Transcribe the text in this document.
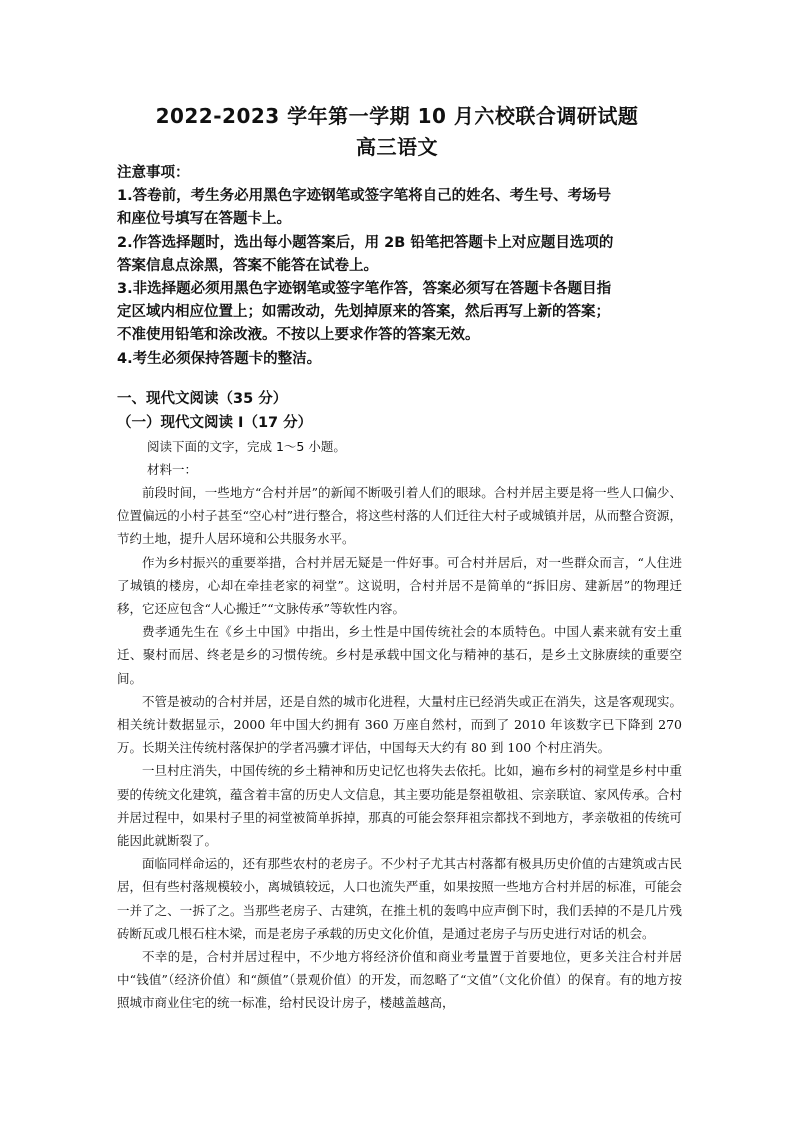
2022-2023 学年第一学期 10 月六校联合调研试题
高三语文
注意事项：
1.答卷前，考生务必用黑色字迹钢笔或签字笔将自己的姓名、考生号、考场号
和座位号填写在答题卡上。
2.作答选择题时，选出每小题答案后，用 2B 铅笔把答题卡上对应题目选项的
答案信息点涂黑，答案不能答在试卷上。
3.非选择题必须用黑色字迹钢笔或签字笔作答，答案必须写在答题卡各题目指
定区域内相应位置上；如需改动，先划掉原来的答案，然后再写上新的答案；
不准使用铅笔和涂改液。不按以上要求作答的答案无效。
4.考生必须保持答题卡的整洁。
一、现代文阅读（35 分）
（一）现代文阅读 I（17 分）
阅读下面的文字，完成 1～5 小题。
材料一：

前段时间，一些地方“合村并居”的新闻不断吸引着人们的眼球。合村并居主要是将一些人口偏少、位置偏远的小村子甚至“空心村”进行整合，将这些村落的人们迁往大村子或城镇并居，从而整合资源，节约土地，提升人居环境和公共服务水平。

作为乡村振兴的重要举措，合村并居无疑是一件好事。可合村并居后，对一些群众而言，“人住进了城镇的楼房，心却在牵挂老家的祠堂”。这说明，合村并居不是简单的“拆旧房、建新居”的物理迁移，它还应包含“人心搬迁”“文脉传承”等软性内容。

费孝通先生在《乡土中国》中指出，乡土性是中国传统社会的本质特色。中国人素来就有安土重迁、聚村而居、终老是乡的习惯传统。乡村是承载中国文化与精神的基石，是乡土文脉赓续的重要空间。

不管是被动的合村并居，还是自然的城市化进程，大量村庄已经消失或正在消失，这是客观现实。相关统计数据显示，2000 年中国大约拥有 360 万座自然村，而到了 2010 年该数字已下降到 270 万。长期关注传统村落保护的学者冯骥才评估，中国每天大约有 80 到 100 个村庄消失。

一旦村庄消失，中国传统的乡土精神和历史记忆也将失去依托。比如，遍布乡村的祠堂是乡村中重要的传统文化建筑，蕴含着丰富的历史人文信息，其主要功能是祭祖敬祖、宗亲联谊、家风传承。合村并居过程中，如果村子里的祠堂被简单拆掉，那真的可能会祭拜祖宗都找不到地方，孝亲敬祖的传统可能因此就断裂了。

面临同样命运的，还有那些农村的老房子。不少村子尤其古村落都有极具历史价值的古建筑或古民居，但有些村落规模较小，离城镇较远，人口也流失严重，如果按照一些地方合村并居的标准，可能会一并了之、一拆了之。当那些老房子、古建筑，在推土机的轰鸣中应声倒下时，我们丢掉的不是几片残砖断瓦或几根石柱木梁，而是老房子承载的历史文化价值，是通过老房子与历史进行对话的机会。

不幸的是，合村并居过程中，不少地方将经济价值和商业考量置于首要地位，更多关注合村并居中“钱值”（经济价值）和“颜值”（景观价值）的开发，而忽略了“文值”（文化价值）的保育。有的地方按照城市商业住宅的统一标准，给村民设计房子，楼越盖越高，
